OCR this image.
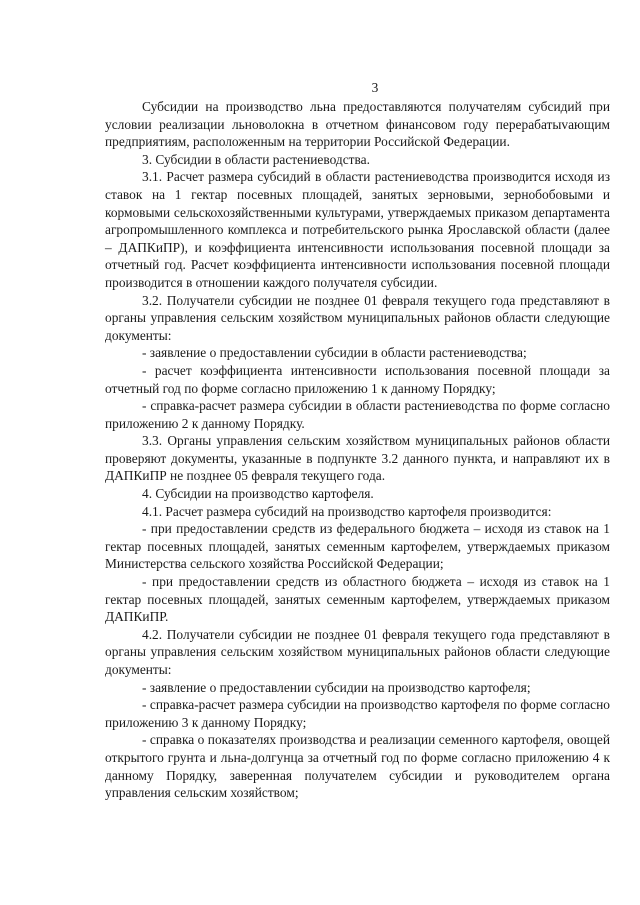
3

Субсидии на производство льна предоставляются получателям субсидий при условии реализации льноволокна в отчетном финансовом году перерабатыvающим предприятиям, расположенным на территории Российской Федерации.

3. Субсидии в области растениеводства.

3.1. Расчет размера субсидий в области растениеводства производится исходя из ставок на 1 гектар посевных площадей, занятых зерновыми, зернобобовыми и кормовыми сельскохозяйственными культурами, утверждаемых приказом департамента агропромышленного комплекса и потребительского рынка Ярославской области (далее – ДАПКиПР), и коэффициента интенсивности использования посевной площади за отчетный год. Расчет коэффициента интенсивности использования посевной площади производится в отношении каждого получателя субсидии.

3.2. Получатели субсидии не позднее 01 февраля текущего года представляют в органы управления сельским хозяйством муниципальных районов области следующие документы:

- заявление о предоставлении субсидии в области растениеводства;

- расчет коэффициента интенсивности использования посевной площади за отчетный год по форме согласно приложению 1 к данному Порядку;

- справка-расчет размера субсидии в области растениеводства по форме согласно приложению 2 к данному Порядку.

3.3. Органы управления сельским хозяйством муниципальных районов области проверяют документы, указанные в подпункте 3.2 данного пункта, и направляют их в ДАПКиПР не позднее 05 февраля текущего года.

4. Субсидии на производство картофеля.

4.1. Расчет размера субсидий на производство картофеля производится:

- при предоставлении средств из федерального бюджета – исходя из ставок на 1 гектар посевных площадей, занятых семенным картофелем, утверждаемых приказом Министерства сельского хозяйства Российской Федерации;

- при предоставлении средств из областного бюджета – исходя из ставок на 1 гектар посевных площадей, занятых семенным картофелем, утверждаемых приказом ДАПКиПР.

4.2. Получатели субсидии не позднее 01 февраля текущего года представляют в органы управления сельским хозяйством муниципальных районов области следующие документы:

- заявление о предоставлении субсидии на производство картофеля;

- справка-расчет размера субсидии на производство картофеля по форме согласно приложению 3 к данному Порядку;

- справка о показателях производства и реализации семенного картофеля, овощей открытого грунта и льна-долгунца за отчетный год по форме согласно приложению 4 к данному Порядку, заверенная получателем субсидии и руководителем органа управления сельским хозяйством;
